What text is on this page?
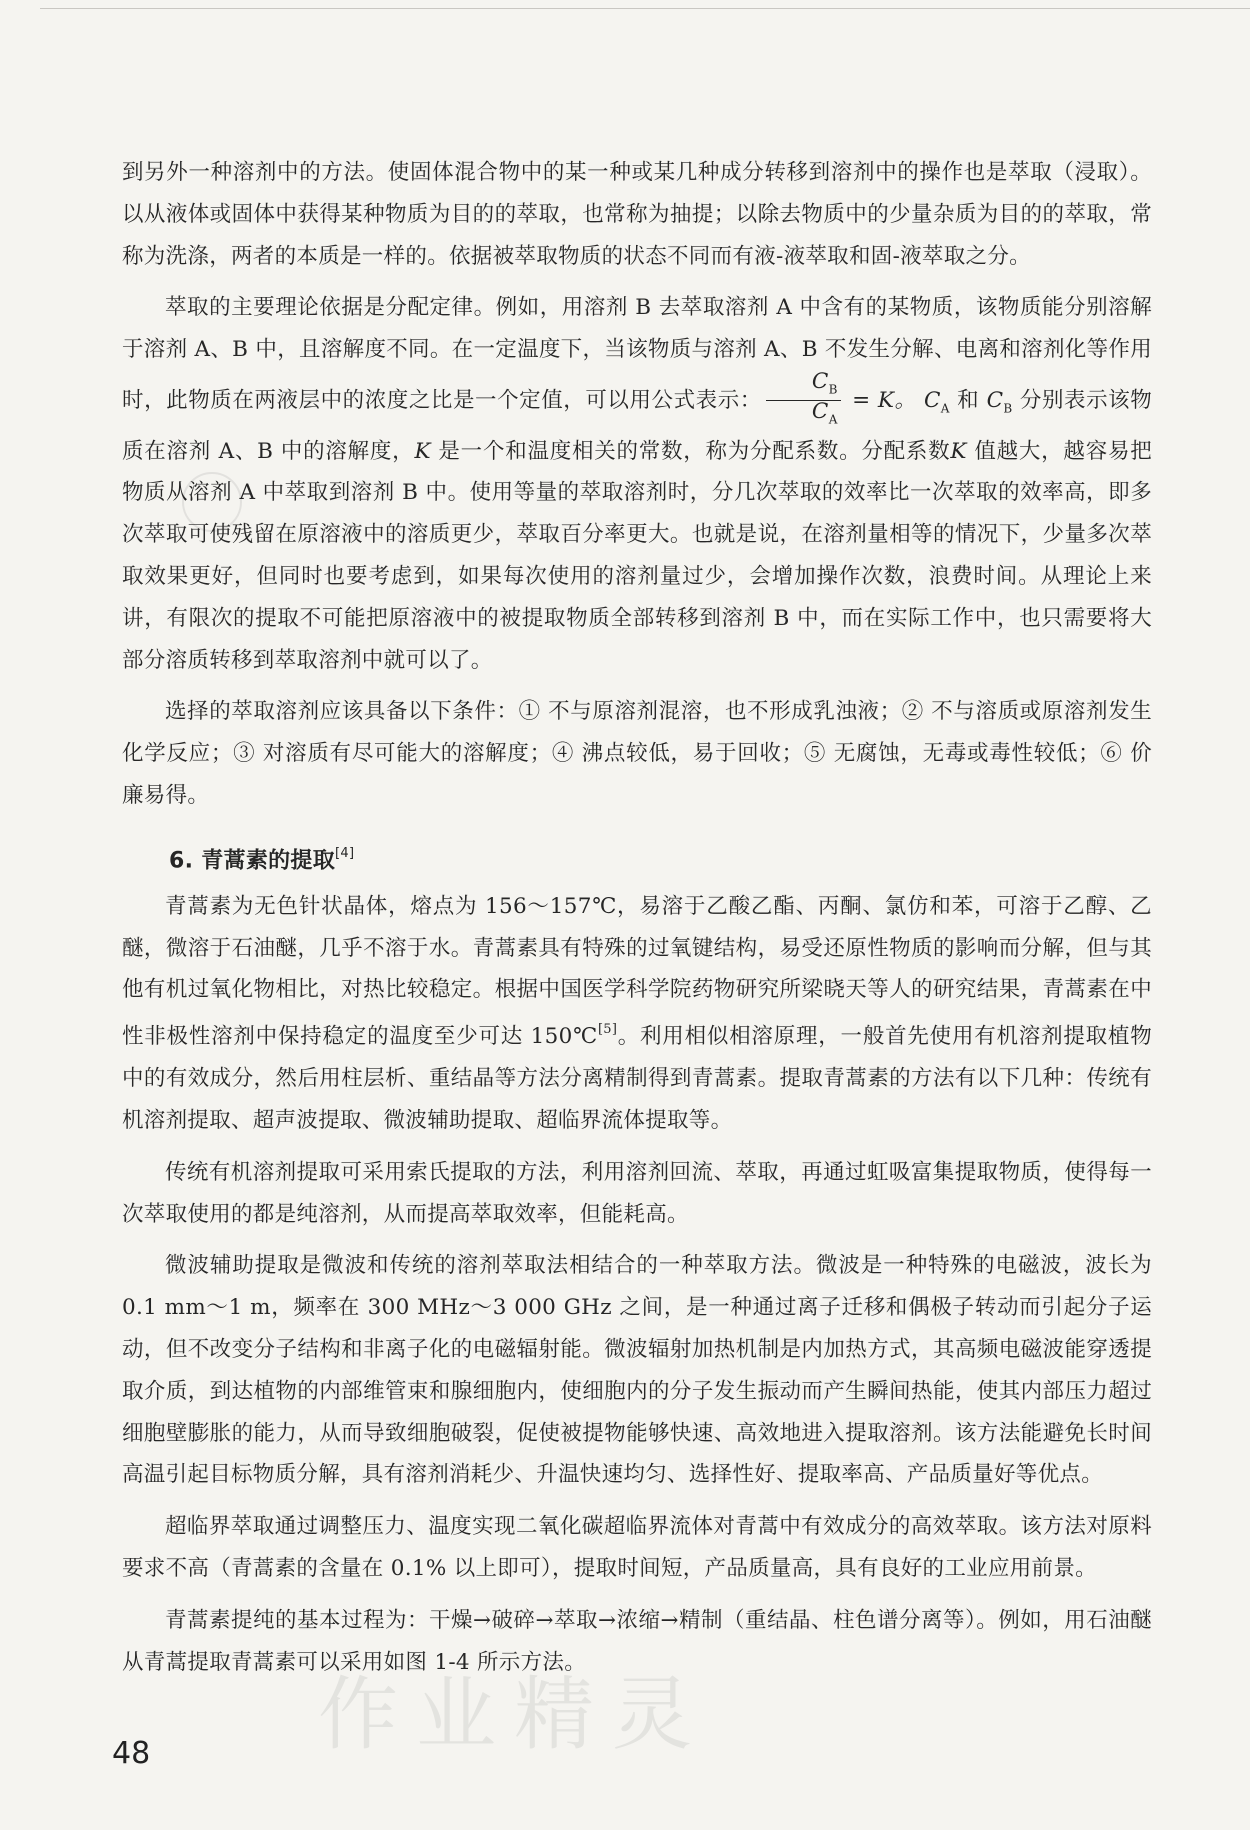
到另外一种溶剂中的方法。使固体混合物中的某一种或某几种成分转移到溶剂中的操作也是萃取（浸取）。以从液体或固体中获得某种物质为目的的萃取，也常称为抽提；以除去物质中的少量杂质为目的的萃取，常称为洗涤，两者的本质是一样的。依据被萃取物质的状态不同而有液-液萃取和固-液萃取之分。

萃取的主要理论依据是分配定律。例如，用溶剂 B 去萃取溶剂 A 中含有的某物质，该物质能分别溶解于溶剂 A、B 中，且溶解度不同。在一定温度下，当该物质与溶剂 A、B 不发生分解、电离和溶剂化等作用时，此物质在两液层中的浓度之比是一个定值，可以用公式表示： $\frac{C_B}{C_A} = K$。 $C_A$ 和 $C_B$ 分别表示该物质在溶剂 A、B 中的溶解度，K 是一个和温度相关的常数，称为分配系数。分配系数K 值越大，越容易把物质从溶剂 A 中萃取到溶剂 B 中。使用等量的萃取溶剂时，分几次萃取的效率比一次萃取的效率高，即多次萃取可使残留在原溶液中的溶质更少，萃取百分率更大。也就是说，在溶剂量相等的情况下，少量多次萃取效果更好，但同时也要考虑到，如果每次使用的溶剂量过少，会增加操作次数，浪费时间。从理论上来讲，有限次的提取不可能把原溶液中的被提取物质全部转移到溶剂 B 中，而在实际工作中，也只需要将大部分溶质转移到萃取溶剂中就可以了。

选择的萃取溶剂应该具备以下条件：① 不与原溶剂混溶，也不形成乳浊液；② 不与溶质或原溶剂发生化学反应；③ 对溶质有尽可能大的溶解度；④ 沸点较低，易于回收；⑤ 无腐蚀，无毒或毒性较低；⑥ 价廉易得。

6. 青蒿素的提取[4]

青蒿素为无色针状晶体，熔点为 156～157℃，易溶于乙酸乙酯、丙酮、氯仿和苯，可溶于乙醇、乙醚，微溶于石油醚，几乎不溶于水。青蒿素具有特殊的过氧键结构，易受还原性物质的影响而分解，但与其他有机过氧化物相比，对热比较稳定。根据中国医学科学院药物研究所梁晓天等人的研究结果，青蒿素在中性非极性溶剂中保持稳定的温度至少可达 150℃[5]。利用相似相溶原理，一般首先使用有机溶剂提取植物中的有效成分，然后用柱层析、重结晶等方法分离精制得到青蒿素。提取青蒿素的方法有以下几种：传统有机溶剂提取、超声波提取、微波辅助提取、超临界流体提取等。

传统有机溶剂提取可采用索氏提取的方法，利用溶剂回流、萃取，再通过虹吸富集提取物质，使得每一次萃取使用的都是纯溶剂，从而提高萃取效率，但能耗高。

微波辅助提取是微波和传统的溶剂萃取法相结合的一种萃取方法。微波是一种特殊的电磁波，波长为 0.1 mm～1 m，频率在 300 MHz～3 000 GHz 之间，是一种通过离子迁移和偶极子转动而引起分子运动，但不改变分子结构和非离子化的电磁辐射能。微波辐射加热机制是内加热方式，其高频电磁波能穿透提取介质，到达植物的内部维管束和腺细胞内，使细胞内的分子发生振动而产生瞬间热能，使其内部压力超过细胞壁膨胀的能力，从而导致细胞破裂，促使被提物能够快速、高效地进入提取溶剂。该方法能避免长时间高温引起目标物质分解，具有溶剂消耗少、升温快速均匀、选择性好、提取率高、产品质量好等优点。

超临界萃取通过调整压力、温度实现二氧化碳超临界流体对青蒿中有效成分的高效萃取。该方法对原料要求不高（青蒿素的含量在 0.1% 以上即可），提取时间短，产品质量高，具有良好的工业应用前景。

青蒿素提纯的基本过程为：干燥→破碎→萃取→浓缩→精制（重结晶、柱色谱分离等）。例如，用石油醚从青蒿提取青蒿素可以采用如图 1-4 所示方法。

作业精灵
48
